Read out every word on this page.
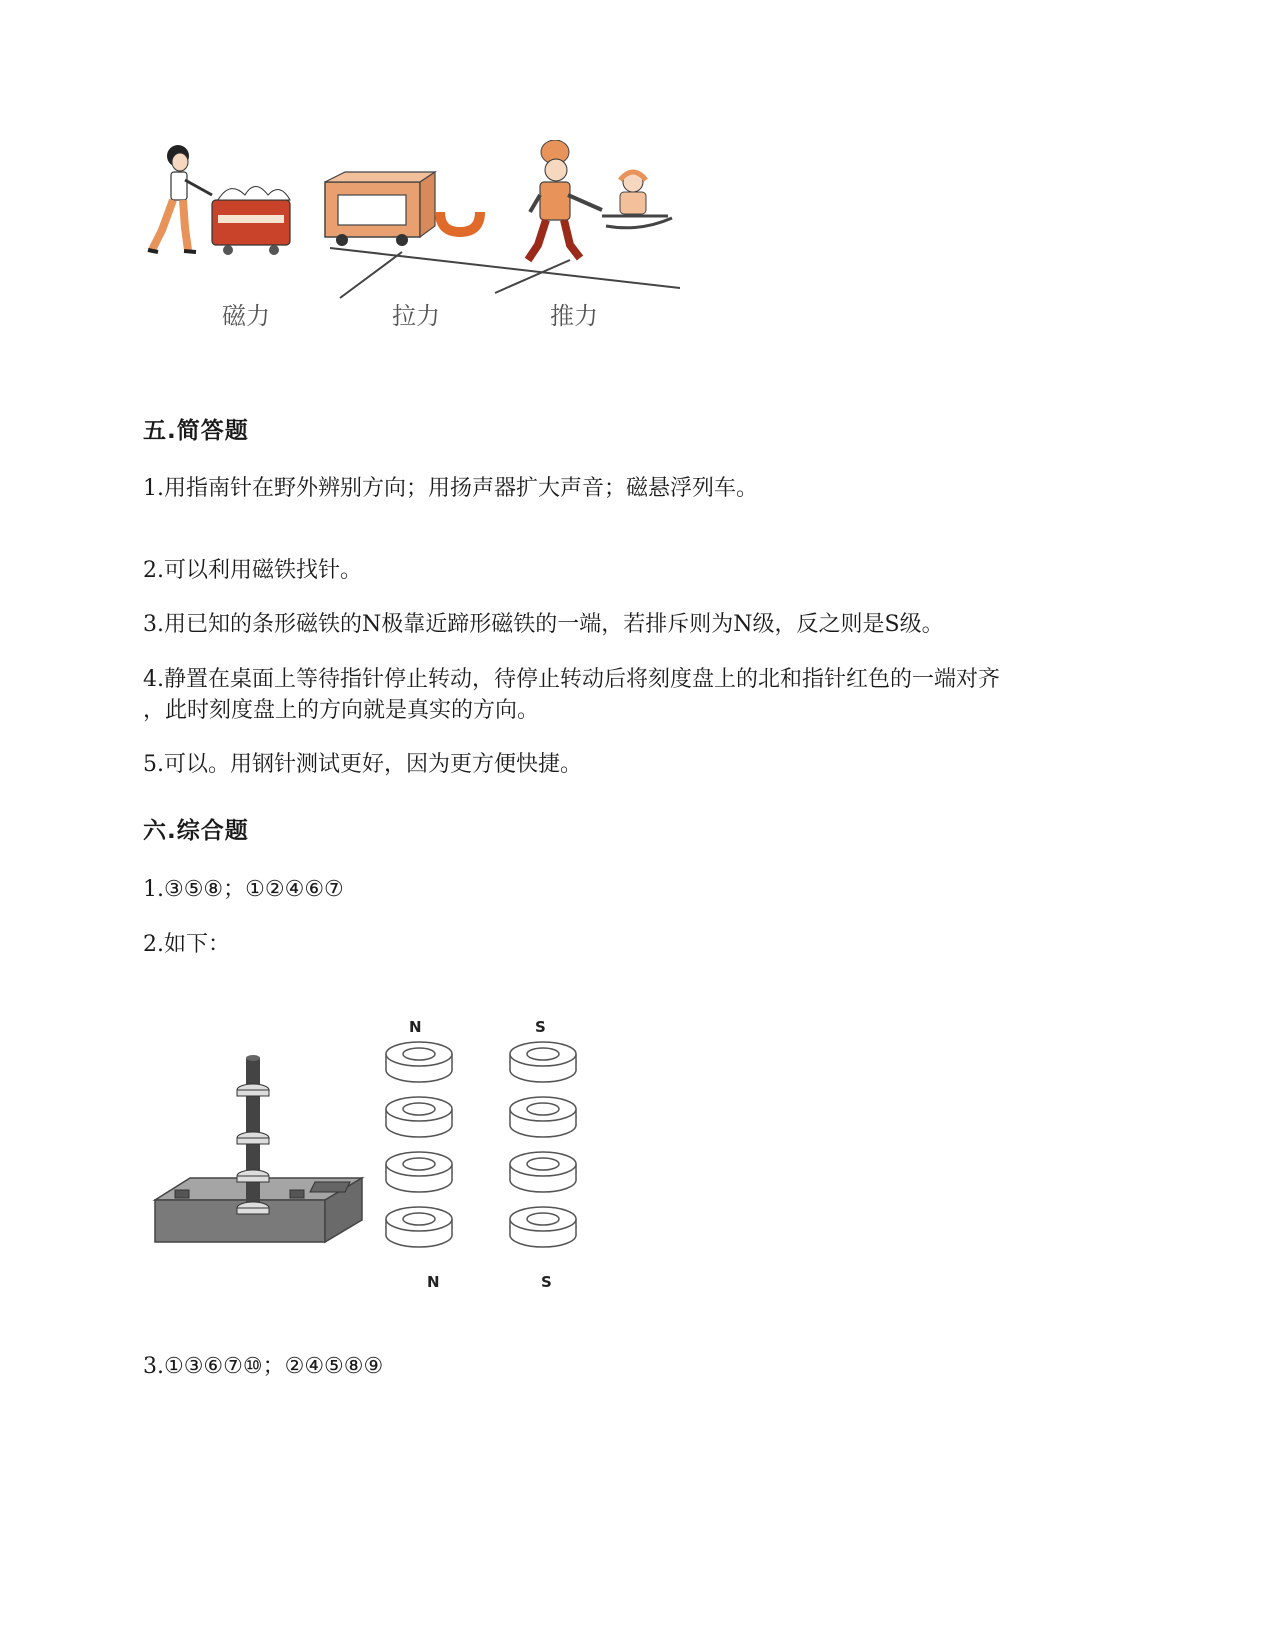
磁力	拉力	推力
五.简答题
1.用指南针在野外辨别方向；用扬声器扩大声音；磁悬浮列车。
2.可以利用磁铁找针。
3.用已知的条形磁铁的N极靠近蹄形磁铁的一端，若排斥则为N级，反之则是S级。
4.静置在桌面上等待指针停止转动，待停止转动后将刻度盘上的北和指针红色的一端对齐
，此时刻度盘上的方向就是真实的方向。
5.可以。用钢针测试更好，因为更方便快捷。
六.综合题
1.③⑤⑧；①②④⑥⑦
2.如下：
N	S
N	S
3.①③⑥⑦⑩；②④⑤⑧⑨
